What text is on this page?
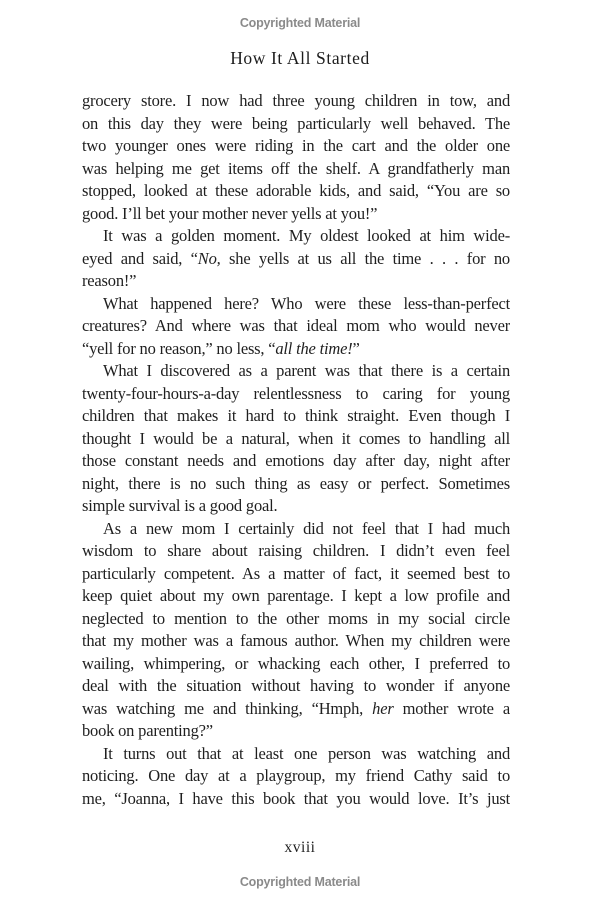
Copyrighted Material
How It All Started
grocery store. I now had three young children in tow, and
on this day they were being particularly well behaved. The
two younger ones were riding in the cart and the older one
was helping me get items off the shelf. A grandfatherly man
stopped, looked at these adorable kids, and said, “You are so
good. I’ll bet your mother never yells at you!”
It was a golden moment. My oldest looked at him wide-
eyed and said, “No, she yells at us all the time . . . for no
reason!”
What happened here? Who were these less-than-perfect
creatures? And where was that ideal mom who would never
“yell for no reason,” no less, “all the time!”
What I discovered as a parent was that there is a certain
twenty-four-hours-a-day relentlessness to caring for young
children that makes it hard to think straight. Even though I
thought I would be a natural, when it comes to handling all
those constant needs and emotions day after day, night after
night, there is no such thing as easy or perfect. Sometimes
simple survival is a good goal.
As a new mom I certainly did not feel that I had much
wisdom to share about raising children. I didn’t even feel
particularly competent. As a matter of fact, it seemed best to
keep quiet about my own parentage. I kept a low profile and
neglected to mention to the other moms in my social circle
that my mother was a famous author. When my children were
wailing, whimpering, or whacking each other, I preferred to
deal with the situation without having to wonder if anyone
was watching me and thinking, “Hmph, her mother wrote a
book on parenting?”
It turns out that at least one person was watching and
noticing. One day at a playgroup, my friend Cathy said to
me, “Joanna, I have this book that you would love. It’s just
xviii
Copyrighted Material
